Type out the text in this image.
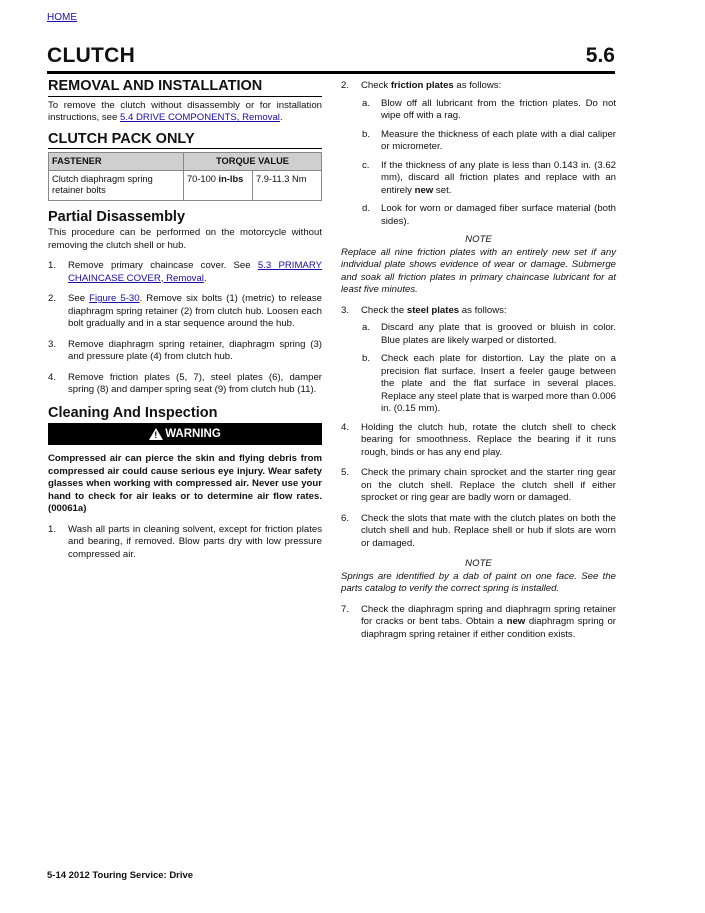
HOME
CLUTCH	5.6
REMOVAL AND INSTALLATION

To remove the clutch without disassembly or for installation instructions, see 5.4 DRIVE COMPONENTS, Removal.

CLUTCH PACK ONLY
FASTENER	TORQUE VALUE	
Clutch diaphragm spring retainer bolts	70-100 in-lbs	7.9-11.3 Nm
Partial Disassembly

This procedure can be performed on the motorcycle without removing the clutch shell or hub.

1. Remove primary chaincase cover. See 5.3 PRIMARY CHAINCASE COVER, Removal.
2. See Figure 5-30. Remove six bolts (1) (metric) to release diaphragm spring retainer (2) from clutch hub. Loosen each bolt gradually and in a star sequence around the hub.
3. Remove diaphragm spring retainer, diaphragm spring (3) and pressure plate (4) from clutch hub.
4. Remove friction plates (5, 7), steel plates (6), damper spring (8) and damper spring seat (9) from clutch hub (11).
Cleaning And Inspection
!
WARNING

Compressed air can pierce the skin and flying debris from compressed air could cause serious eye injury. Wear safety glasses when working with compressed air. Never use your hand to check for air leaks or to determine air flow rates. (00061a)

1. Wash all parts in cleaning solvent, except for friction plates and bearing, if removed. Blow parts dry with low pressure compressed air.
2. Check friction plates as follows:
a. Blow off all lubricant from the friction plates. Do not wipe off with a rag.
b. Measure the thickness of each plate with a dial caliper or micrometer.
c. If the thickness of any plate is less than 0.143 in. (3.62 mm), discard all friction plates and replace with an entirely new set.
d. Look for worn or damaged fiber surface material (both sides).

NOTE

Replace all nine friction plates with an entirely new set if any individual plate shows evidence of wear or damage. Submerge and soak all friction plates in primary chaincase lubricant for at least five minutes.

3. Check the steel plates as follows:
a. Discard any plate that is grooved or bluish in color. Blue plates are likely warped or distorted.
b. Check each plate for distortion. Lay the plate on a precision flat surface. Insert a feeler gauge between the plate and the flat surface in several places. Replace any steel plate that is warped more than 0.006 in. (0.15 mm).
4. Holding the clutch hub, rotate the clutch shell to check bearing for smoothness. Replace the bearing if it runs rough, binds or has any end play.
5. Check the primary chain sprocket and the starter ring gear on the clutch shell. Replace the clutch shell if either sprocket or ring gear are badly worn or damaged.
6. Check the slots that mate with the clutch plates on both the clutch shell and hub. Replace shell or hub if slots are worn or damaged.

NOTE

Springs are identified by a dab of paint on one face. See the parts catalog to verify the correct spring is installed.

7. Check the diaphragm spring and diaphragm spring retainer for cracks or bent tabs. Obtain a new diaphragm spring or diaphragm spring retainer if either condition exists.
5-14 2012 Touring Service: Drive
